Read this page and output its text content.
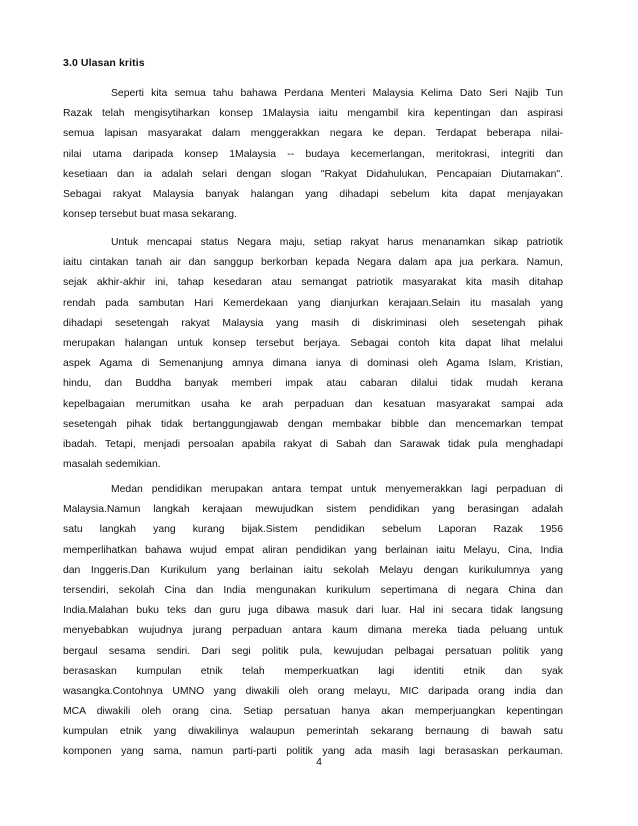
3.0 Ulasan kritis
Seperti kita semua tahu bahawa Perdana Menteri Malaysia Kelima Dato Seri Najib Tun
Razak telah mengisytiharkan konsep 1Malaysia iaitu mengambil kira kepentingan dan aspirasi
semua lapisan masyarakat dalam menggerakkan negara ke depan. Terdapat beberapa nilai-
nilai utama daripada konsep 1Malaysia -- budaya kecemerlangan, meritokrasi, integriti dan
kesetiaan dan ia adalah selari dengan slogan "Rakyat Didahulukan, Pencapaian Diutamakan".
Sebagai rakyat Malaysia banyak halangan yang dihadapi sebelum kita dapat menjayakan
konsep tersebut buat masa sekarang.
Untuk mencapai status Negara maju, setiap rakyat harus menanamkan sikap patriotik
iaitu cintakan tanah air dan sanggup berkorban kepada Negara dalam apa jua perkara. Namun,
sejak akhir-akhir ini, tahap kesedaran atau semangat patriotik masyarakat kita masih ditahap
rendah pada sambutan Hari Kemerdekaan yang dianjurkan kerajaan.Selain itu masalah yang
dihadapi sesetengah rakyat Malaysia yang masih di diskriminasi oleh sesetengah pihak
merupakan halangan untuk konsep tersebut berjaya. Sebagai contoh kita dapat lihat melalui
aspek Agama di Semenanjung amnya dimana ianya di dominasi oleh Agama Islam, Kristian,
hindu, dan Buddha banyak memberi impak atau cabaran dilalui tidak mudah kerana
kepelbagaian merumitkan usaha ke arah perpaduan dan kesatuan masyarakat sampai ada
sesetengah pihak tidak bertanggungjawab dengan membakar bibble dan mencemarkan tempat
ibadah. Tetapi, menjadi persoalan apabila rakyat di Sabah dan Sarawak tidak pula menghadapi
masalah sedemikian.
Medan pendidikan merupakan antara tempat untuk menyemerakkan lagi perpaduan di
Malaysia.Namun langkah kerajaan mewujudkan sistem pendidikan yang berasingan adalah
satu langkah yang kurang bijak.Sistem pendidikan sebelum Laporan Razak 1956
memperlihatkan bahawa wujud empat aliran pendidikan yang berlainan iaitu Melayu, Cina, India
dan Inggeris.Dan Kurikulum yang berlainan iaitu sekolah Melayu dengan kurikulumnya yang
tersendiri, sekolah Cina dan India mengunakan kurikulum sepertimana di negara China dan
India.Malahan buku teks dan guru juga dibawa masuk dari luar. Hal ini secara tidak langsung
menyebabkan wujudnya jurang perpaduan antara kaum dimana mereka tiada peluang untuk
bergaul sesama sendiri. Dari segi politik pula, kewujudan pelbagai persatuan politik yang
berasaskan kumpulan etnik telah memperkuatkan lagi identiti etnik dan syak
wasangka.Contohnya UMNO yang diwakili oleh orang melayu, MIC daripada orang india dan
MCA diwakili oleh orang cina. Setiap persatuan hanya akan memperjuangkan kepentingan
kumpulan etnik yang diwakilinya walaupun pemerintah sekarang bernaung di bawah satu
komponen yang sama, namun parti-parti politik yang ada masih lagi berasaskan perkauman.
4
